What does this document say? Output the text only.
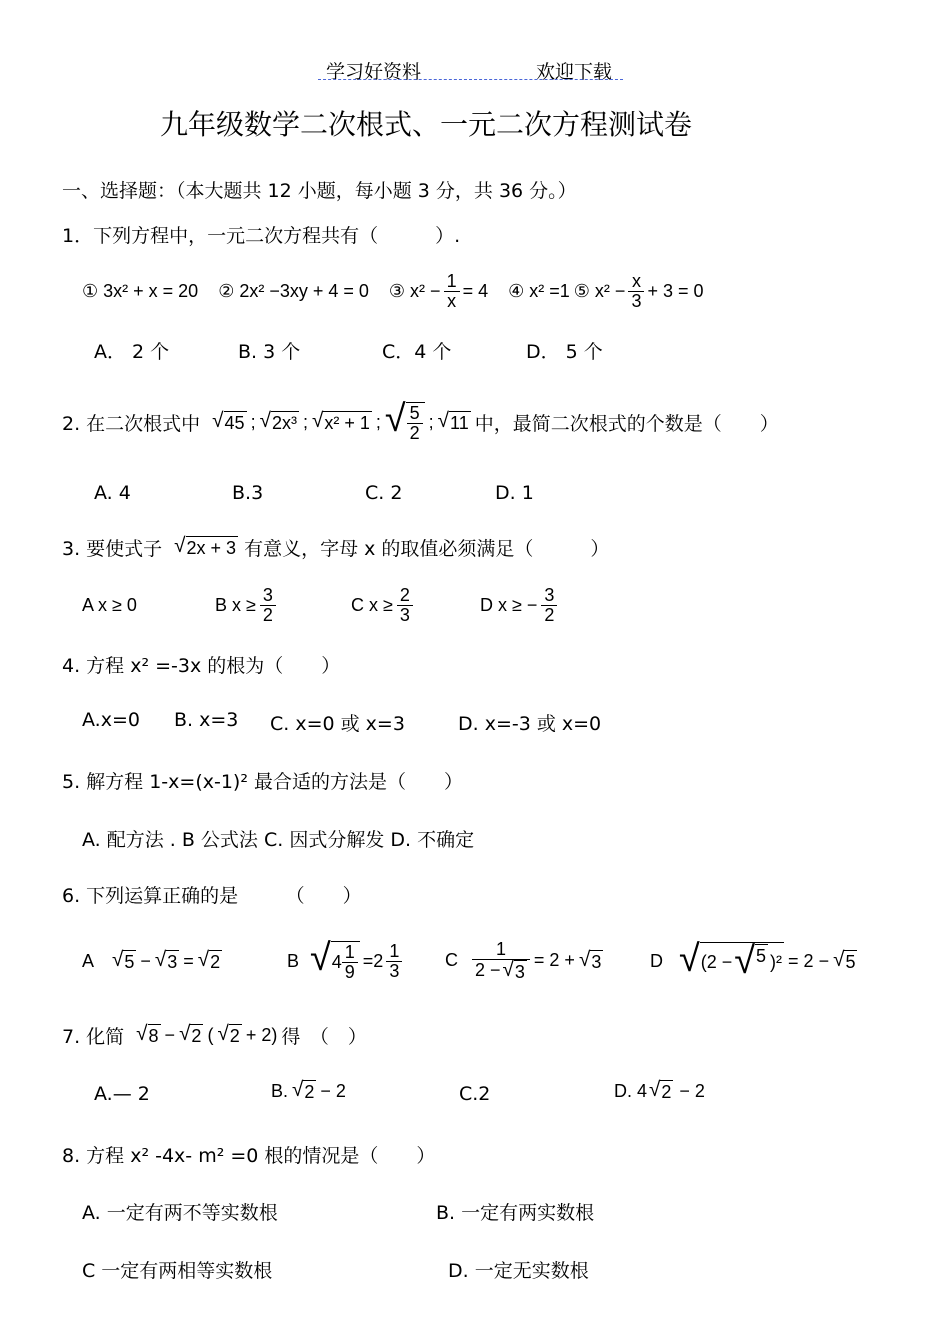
学习好资料	欢迎下载
九年级数学二次根式、一元二次方程测试卷
一、选择题：（本大题共 12 小题，每小题 3 分，共 36 分。）
1．下列方程中，一元二次方程共有（　　　）.
① 3x² + x = 20 ② 2x² −3xy + 4 = 0 ③ $x^2 - \frac{1}{x} = 4$ ④ x² =1 ⑤ $x^2 - \frac{x}{3} + 3 = 0$
A． 2 个	B. 3 个	C．4 个	D． 5 个
2. 在二次根式中 √ 45 ; √ 2x³ ; √ x² + 1 ; √ $\frac{5}{2}$ ; √ 11 中，最简二次根式的个数是（　　）
A. 4	B.3	C. 2	D. 1
3. 要使式子 √ 2x + 3 有意义，字母 x 的取值必须满足（　　　）
A x ≥ 0	B $x \ge \frac{3}{2}$	C $x \ge \frac{2}{3}$	D x ≥ − $\frac{3}{2}$
4. 方程 x² =-3x 的根为（　　）
A.x=0 B. x=3 C. x=0 或 x=3	D. x=-3 或 x=0
5. 解方程 1-x=(x-1)² 最合适的方法是（　　）
A. 配方法 . B 公式法 C. 因式分解发 D. 不确定
6. 下列运算正确的是　　　（　　）
A √ 5 − √ 3 = √ 2	B √ $4 \frac{1}{9} =2 \frac{1}{3}$ C $\frac{1}{2 - √ 3} = 2$ + √ 3	D √ (2 − √ 5 )² = 2 − √ 5
7. 化简 √ 8 − √ 2 ( √ 2 + 2) 得　（　）
A.— 2	B. √ 2 − 2	C.2	D. 4 √ 2 − 2
8. 方程 x² -4x- m² =0 根的情况是（　　）
A. 一定有两不等实数根	B. 一定有两实数根
C 一定有两相等实数根	D. 一定无实数根
